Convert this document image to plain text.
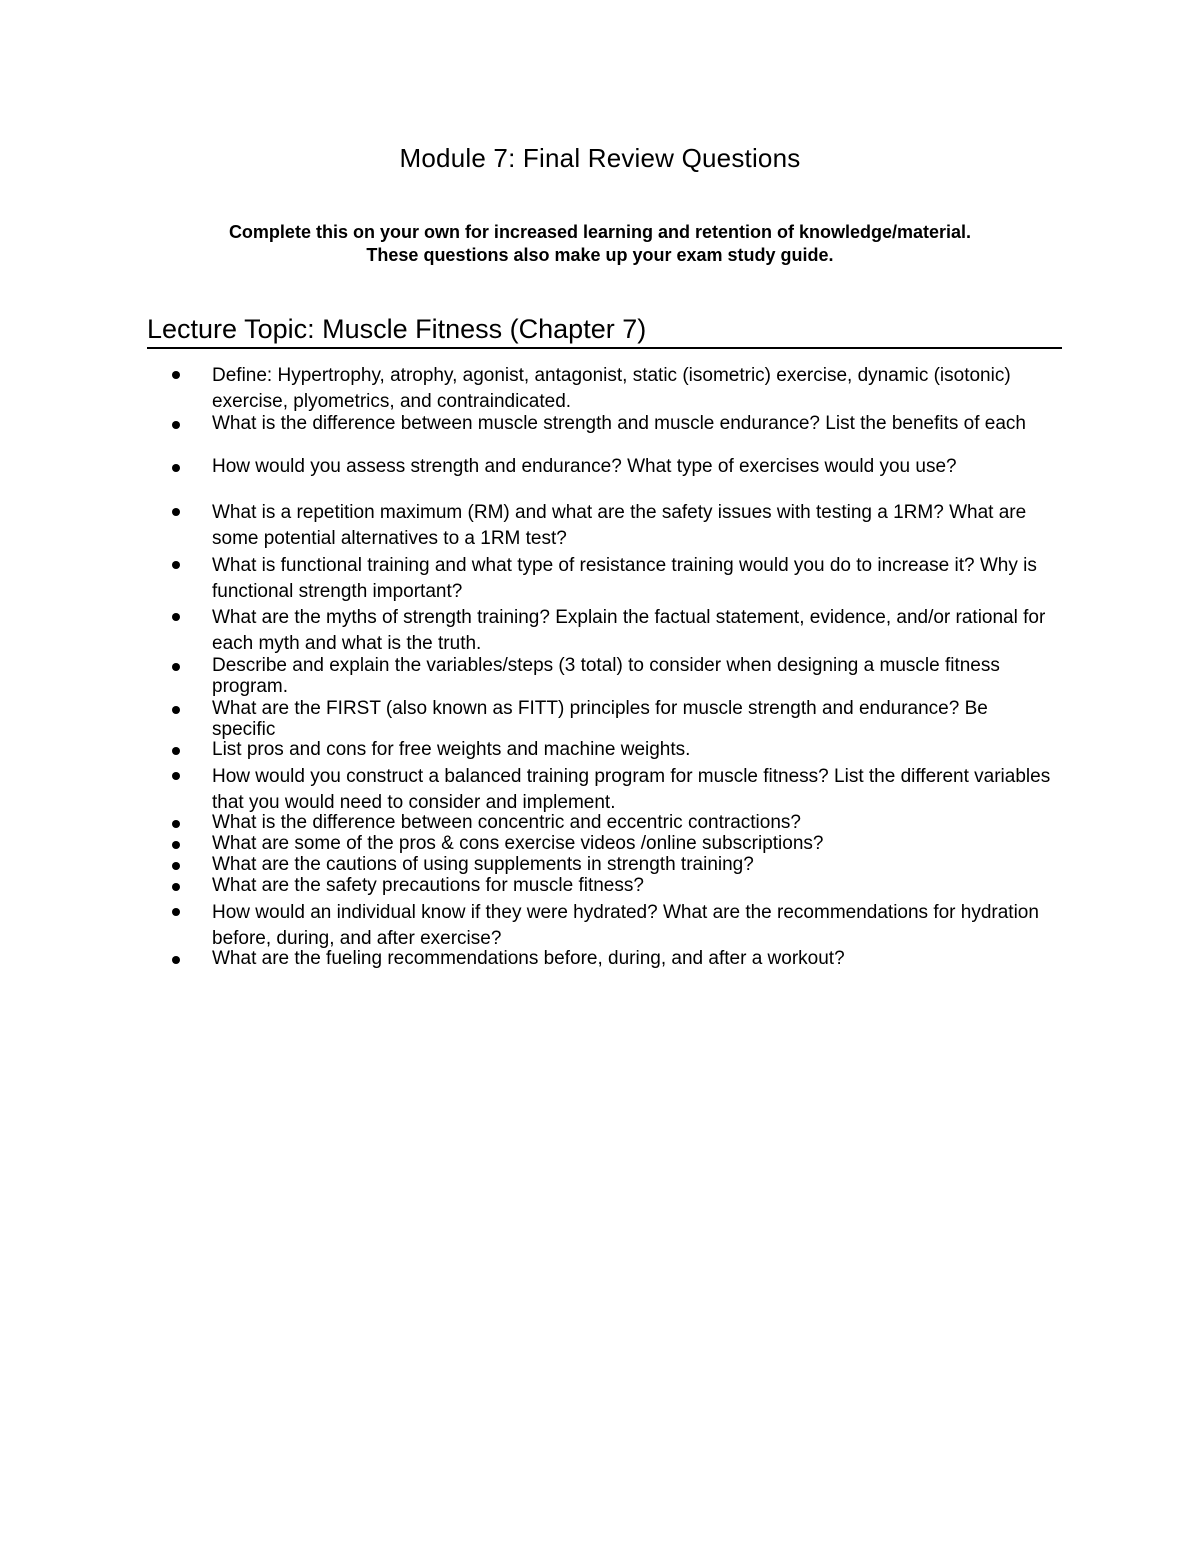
Module 7: Final Review Questions
Complete this on your own for increased learning and retention of knowledge/material.
These questions also make up your exam study guide.
Lecture Topic: Muscle Fitness (Chapter 7)
Define: Hypertrophy, atrophy, agonist, antagonist, static (isometric) exercise, dynamic (isotonic) exercise, plyometrics, and contraindicated.
What is the difference between muscle strength and muscle endurance? List the benefits of each
How would you assess strength and endurance? What type of exercises would you use?
What is a repetition maximum (RM) and what are the safety issues with testing a 1RM? What are some potential alternatives to a 1RM test?
What is functional training and what type of resistance training would you do to increase it? Why is functional strength important?
What are the myths of strength training? Explain the factual statement, evidence, and/or rational for each myth and what is the truth.
Describe and explain the variables/steps (3 total) to consider when designing a muscle fitness program.
What are the FIRST (also known as FITT) principles for muscle strength and endurance? Be specific
List pros and cons for free weights and machine weights.
How would you construct a balanced training program for muscle fitness? List the different variables that you would need to consider and implement.
What is the difference between concentric and eccentric contractions?
What are some of the pros & cons exercise videos /online subscriptions?
What are the cautions of using supplements in strength training?
What are the safety precautions for muscle fitness?
How would an individual know if they were hydrated? What are the recommendations for hydration before, during, and after exercise?
What are the fueling recommendations before, during, and after a workout?
